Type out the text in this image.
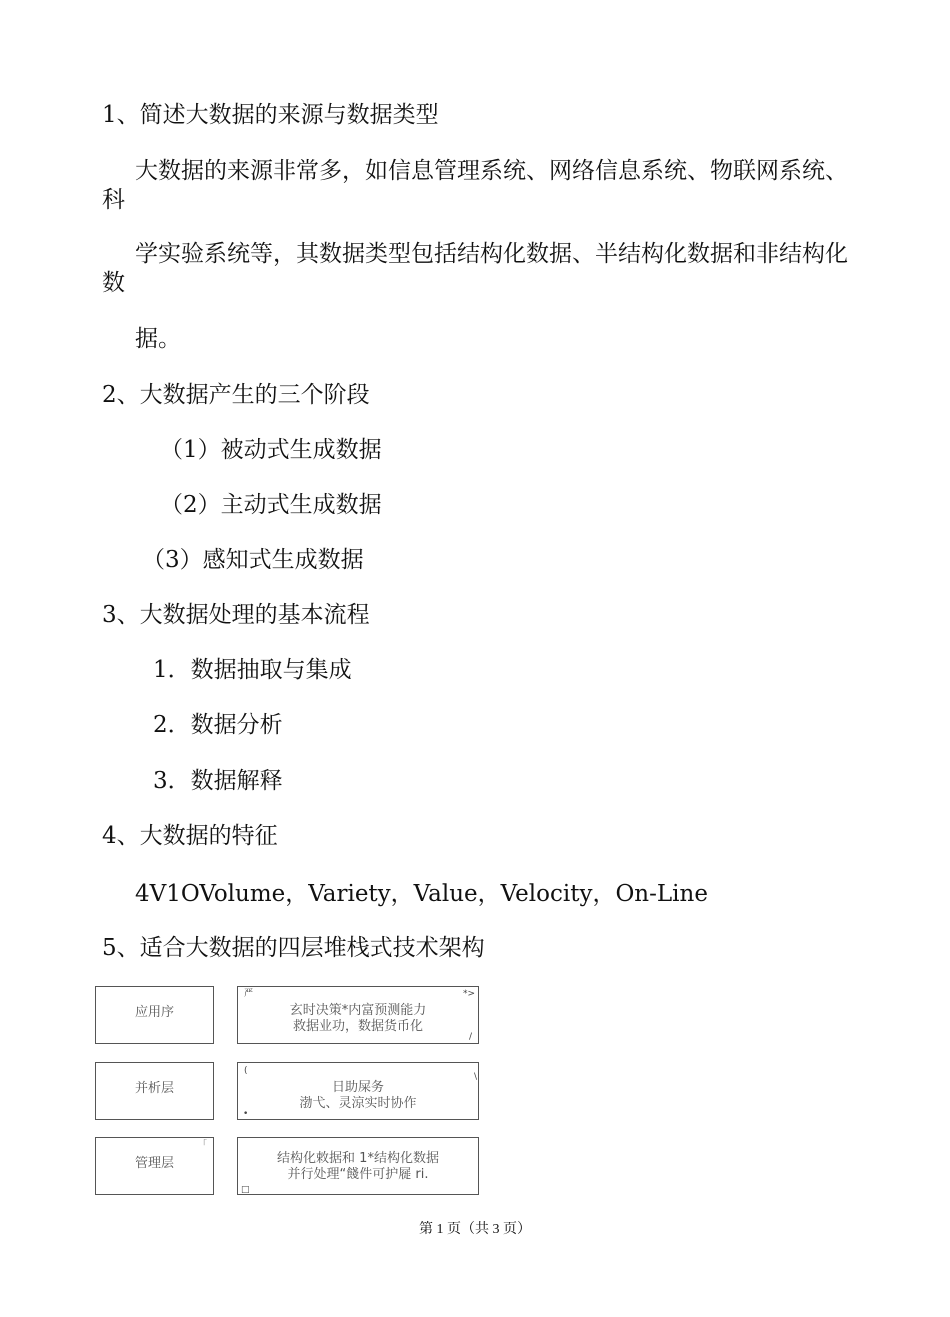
1、简述大数据的来源与数据类型
大数据的来源非常多，如信息管理系统、网络信息系统、物联网系统、
科
学实验系统等，其数据类型包括结构化数据、半结构化数据和非结构化
数
据。
2、大数据产生的三个阶段
（1）被动式生成数据
（2）主动式生成数据
（3）感知式生成数据
3、大数据处理的基本流程
1．数据抽取与集成
2．数据分析
3．数据解释
4、大数据的特征
4V1OVolume，Variety，Value，Velocity，On-Line
5、适合大数据的四层堆栈式技术架构
应用序	玄时决策*内富预测能力
救据业功，数据货币化
严	*>
/
并析层	日助屎务
渤弋、灵涼实时协作
(
\
•
管理层	结构化敕据和 1*结构化数据
并行处理“餞件可护屣 ri.
「
□
第 1 页（共 3 页）
